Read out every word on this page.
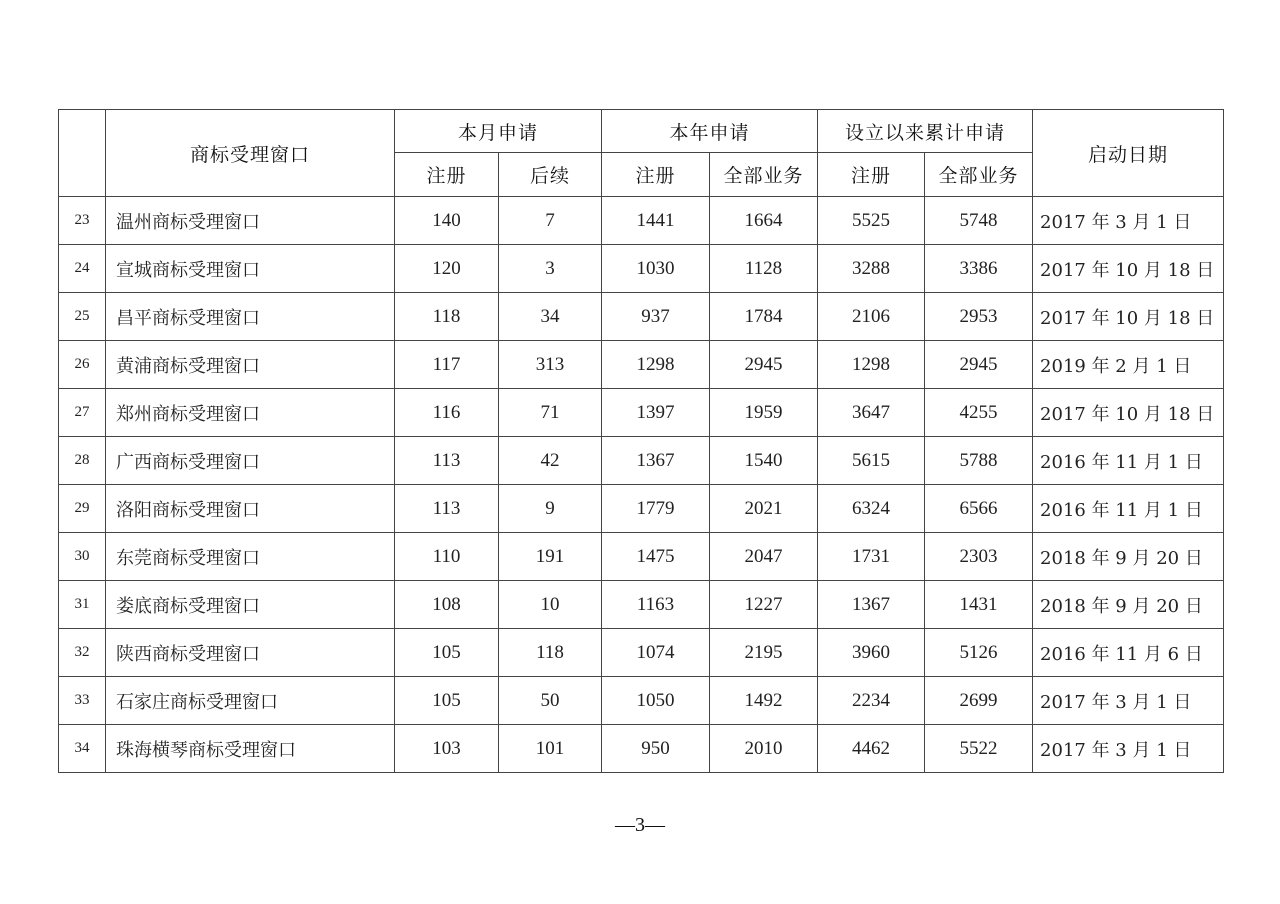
	商标受理窗口	本月申请		本年申请		设立以来累计申请		启动日期
		注册	后续	注册	全部业务	注册	全部业务	
23	温州商标受理窗口	140	7	1441	1664	5525	5748	2017 年 3 月 1 日
24	宣城商标受理窗口	120	3	1030	1128	3288	3386	2017 年 10 月 18 日
25	昌平商标受理窗口	118	34	937	1784	2106	2953	2017 年 10 月 18 日
26	黄浦商标受理窗口	117	313	1298	2945	1298	2945	2019 年 2 月 1 日
27	郑州商标受理窗口	116	71	1397	1959	3647	4255	2017 年 10 月 18 日
28	广西商标受理窗口	113	42	1367	1540	5615	5788	2016 年 11 月 1 日
29	洛阳商标受理窗口	113	9	1779	2021	6324	6566	2016 年 11 月 1 日
30	东莞商标受理窗口	110	191	1475	2047	1731	2303	2018 年 9 月 20 日
31	娄底商标受理窗口	108	10	1163	1227	1367	1431	2018 年 9 月 20 日
32	陕西商标受理窗口	105	118	1074	2195	3960	5126	2016 年 11 月 6 日
33	石家庄商标受理窗口	105	50	1050	1492	2234	2699	2017 年 3 月 1 日
34	珠海横琴商标受理窗口	103	101	950	2010	4462	5522	2017 年 3 月 1 日
—3—
